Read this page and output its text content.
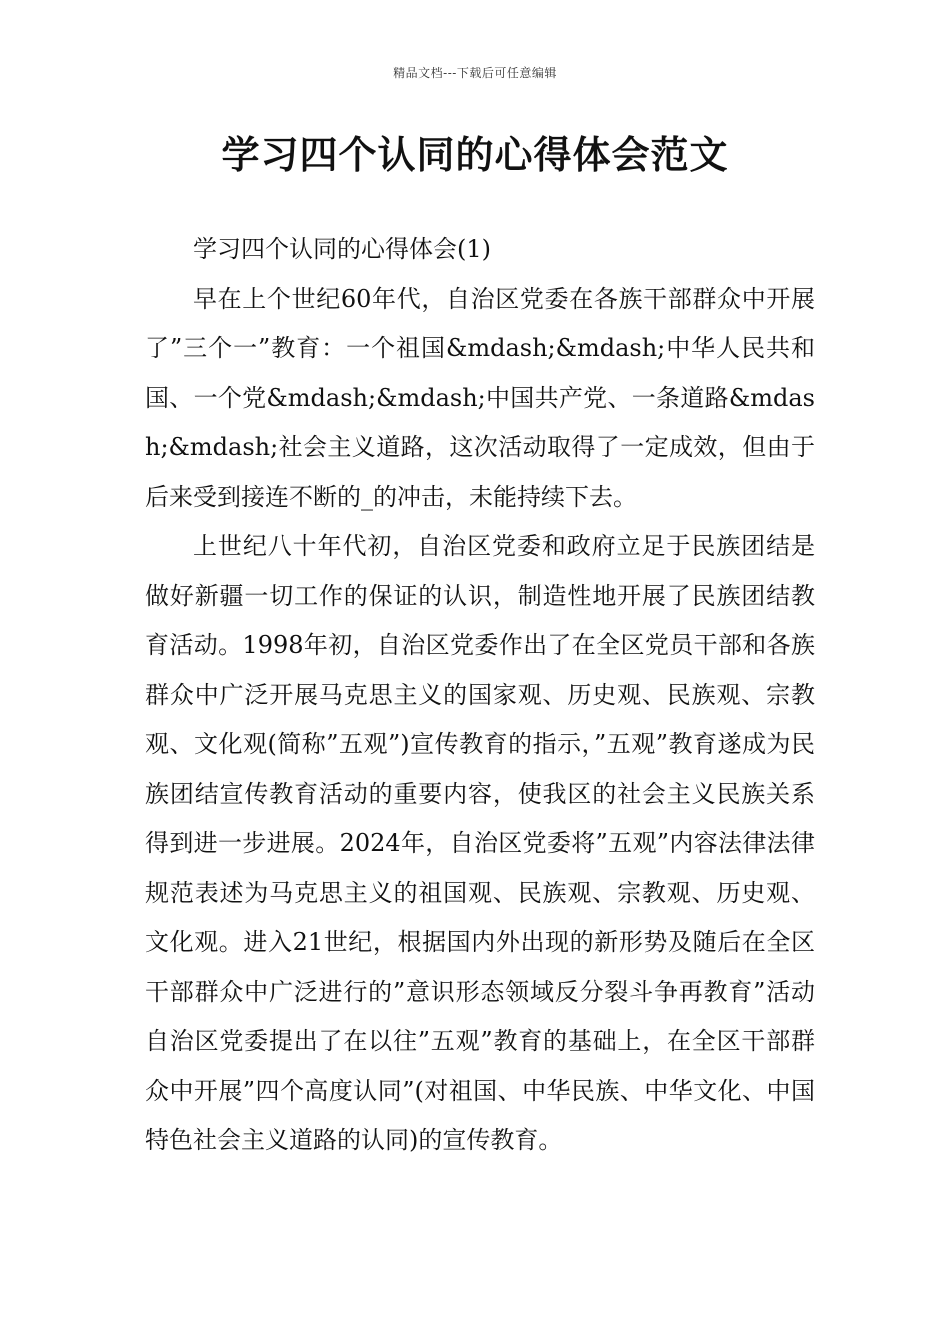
精品文档---下载后可任意编辑
学习四个认同的心得体会范文

学习四个认同的心得体会(1)

早在上个世纪60年代，自治区党委在各族干部群众中开展了”三个一”教育：一个祖国&mdash;&mdash;中华人民共和国、一个党&mdash;&mdash;中国共产党、一条道路&mdash;&mdash;社会主义道路，这次活动取得了一定成效，但由于后来受到接连不断的_的冲击，未能持续下去。

上世纪八十年代初，自治区党委和政府立足于民族团结是做好新疆一切工作的保证的认识，制造性地开展了民族团结教育活动。1998年初，自治区党委作出了在全区党员干部和各族群众中广泛开展马克思主义的国家观、历史观、民族观、宗教观、文化观(简称”五观”)宣传教育的指示，”五观”教育遂成为民族团结宣传教育活动的重要内容，使我区的社会主义民族关系得到进一步进展。2024年，自治区党委将”五观”内容法律法律规范表述为马克思主义的祖国观、民族观、宗教观、历史观、文化观。进入21世纪，根据国内外出现的新形势及随后在全区干部群众中广泛进行的”意识形态领域反分裂斗争再教育”活动自治区党委提出了在以往”五观”教育的基础上，在全区干部群众中开展”四个高度认同”(对祖国、中华民族、中华文化、中国特色社会主义道路的认同)的宣传教育。
